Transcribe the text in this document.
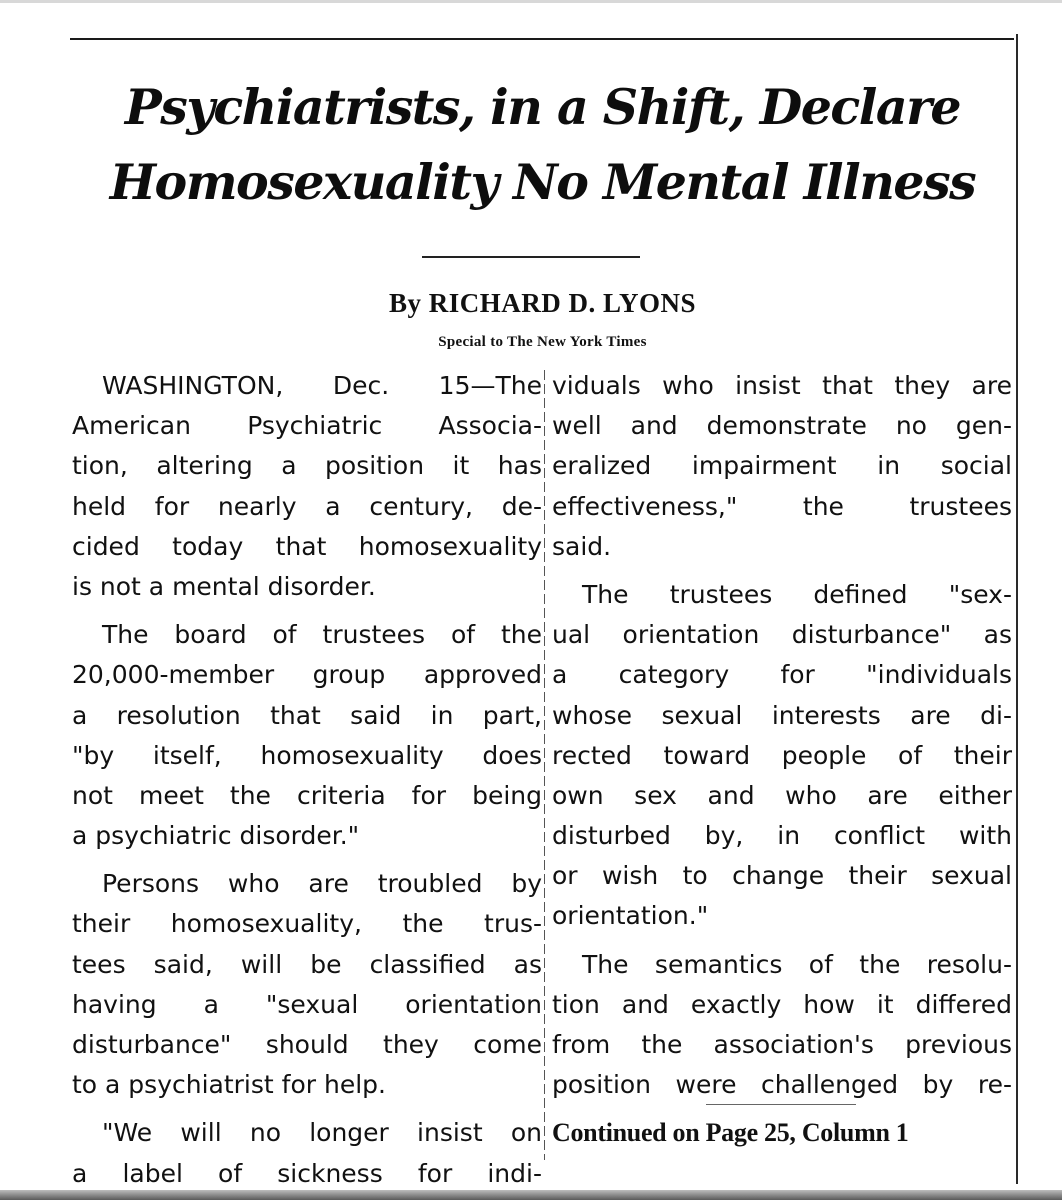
Psychiatrists, in a Shift, Declare
Homosexuality No Mental Illness
By RICHARD D. LYONS
Special to The New York Times
WASHINGTON, Dec. 15—The
American Psychiatric Associa-
tion, altering a position it has
held for nearly a century, de-
cided today that homosexuality
is not a mental disorder.
The board of trustees of the
20,000-member group approved
a resolution that said in part,
"by itself, homosexuality does
not meet the criteria for being
a psychiatric disorder."
Persons who are troubled by
their homosexuality, the trus-
tees said, will be classified as
having a "sexual orientation
disturbance" should they come
to a psychiatrist for help.
"We will no longer insist on
a label of sickness for indi-
viduals who insist that they are
well and demonstrate no gen-
eralized impairment in social
effectiveness," the trustees
said.
The trustees defined "sex-
ual orientation disturbance" as
a category for "individuals
whose sexual interests are di-
rected toward people of their
own sex and who are either
disturbed by, in conflict with
or wish to change their sexual
orientation."
The semantics of the resolu-
tion and exactly how it differed
from the association's previous
position were challenged by re-
Continued on Page 25, Column 1
